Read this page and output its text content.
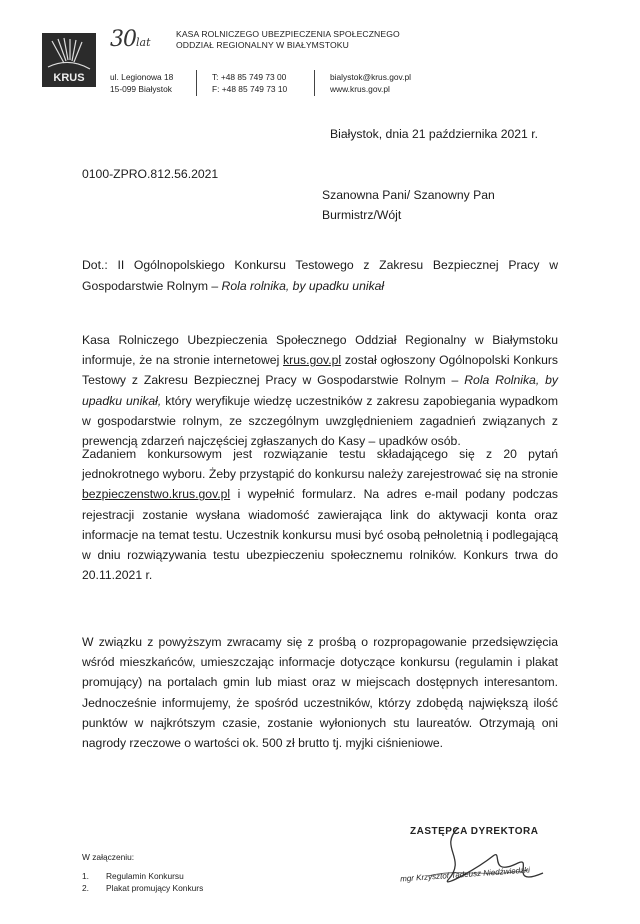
KRUS
30lat
KASA ROLNICZEGO UBEZPIECZENIA SPOŁECZNEGO
ODDZIAŁ REGIONALNY W BIAŁYMSTOKU
ul. Legionowa 18
15-099 Białystok
T: +48 85 749 73 00
F: +48 85 749 73 10
bialystok@krus.gov.pl
www.krus.gov.pl
Białystok, dnia 21 października 2021 r.
0100-ZPRO.812.56.2021
Szanowna Pani/ Szanowny Pan
Burmistrz/Wójt
Dot.: II Ogólnopolskiego Konkursu Testowego z Zakresu Bezpiecznej Pracy w Gospodarstwie Rolnym – Rola rolnika, by upadku unikał
Kasa Rolniczego Ubezpieczenia Społecznego Oddział Regionalny w Białymstoku informuje, że na stronie internetowej krus.gov.pl został ogłoszony Ogólnopolski Konkurs Testowy z Zakresu Bezpiecznej Pracy w Gospodarstwie Rolnym – Rola Rolnika, by upadku unikał, który weryfikuje wiedzę uczestników z zakresu zapobiegania wypadkom w gospodarstwie rolnym, ze szczególnym uwzględnieniem zagadnień związanych z prewencją zdarzeń najczęściej zgłaszanych do Kasy – upadków osób.
Zadaniem konkursowym jest rozwiązanie testu składającego się z 20 pytań jednokrotnego wyboru. Żeby przystąpić do konkursu należy zarejestrować się na stronie bezpieczenstwo.krus.gov.pl i wypełnić formularz. Na adres e-mail podany podczas rejestracji zostanie wysłana wiadomość zawierająca link do aktywacji konta oraz informacje na temat testu. Uczestnik konkursu musi być osobą pełnoletnią i podlegającą w dniu rozwiązywania testu ubezpieczeniu społecznemu rolników. Konkurs trwa do 20.11.2021 r.
W związku z powyższym zwracamy się z prośbą o rozpropagowanie przedsięwzięcia wśród mieszkańców, umieszczając informacje dotyczące konkursu (regulamin i plakat promujący) na portalach gmin lub miast oraz w miejscach dostępnych interesantom. Jednocześnie informujemy, że spośród uczestników, którzy zdobędą największą ilość punktów w najkrótszym czasie, zostanie wyłonionych stu laureatów. Otrzymają oni nagrody rzeczowe o wartości ok. 500 zł brutto tj. myjki ciśnieniowe.
ZASTĘPCA DYREKTORA
mgr Krzysztof Tadeusz Niedźwiedzki
W załączeniu:
1. Regulamin Konkursu
2. Plakat promujący Konkurs
